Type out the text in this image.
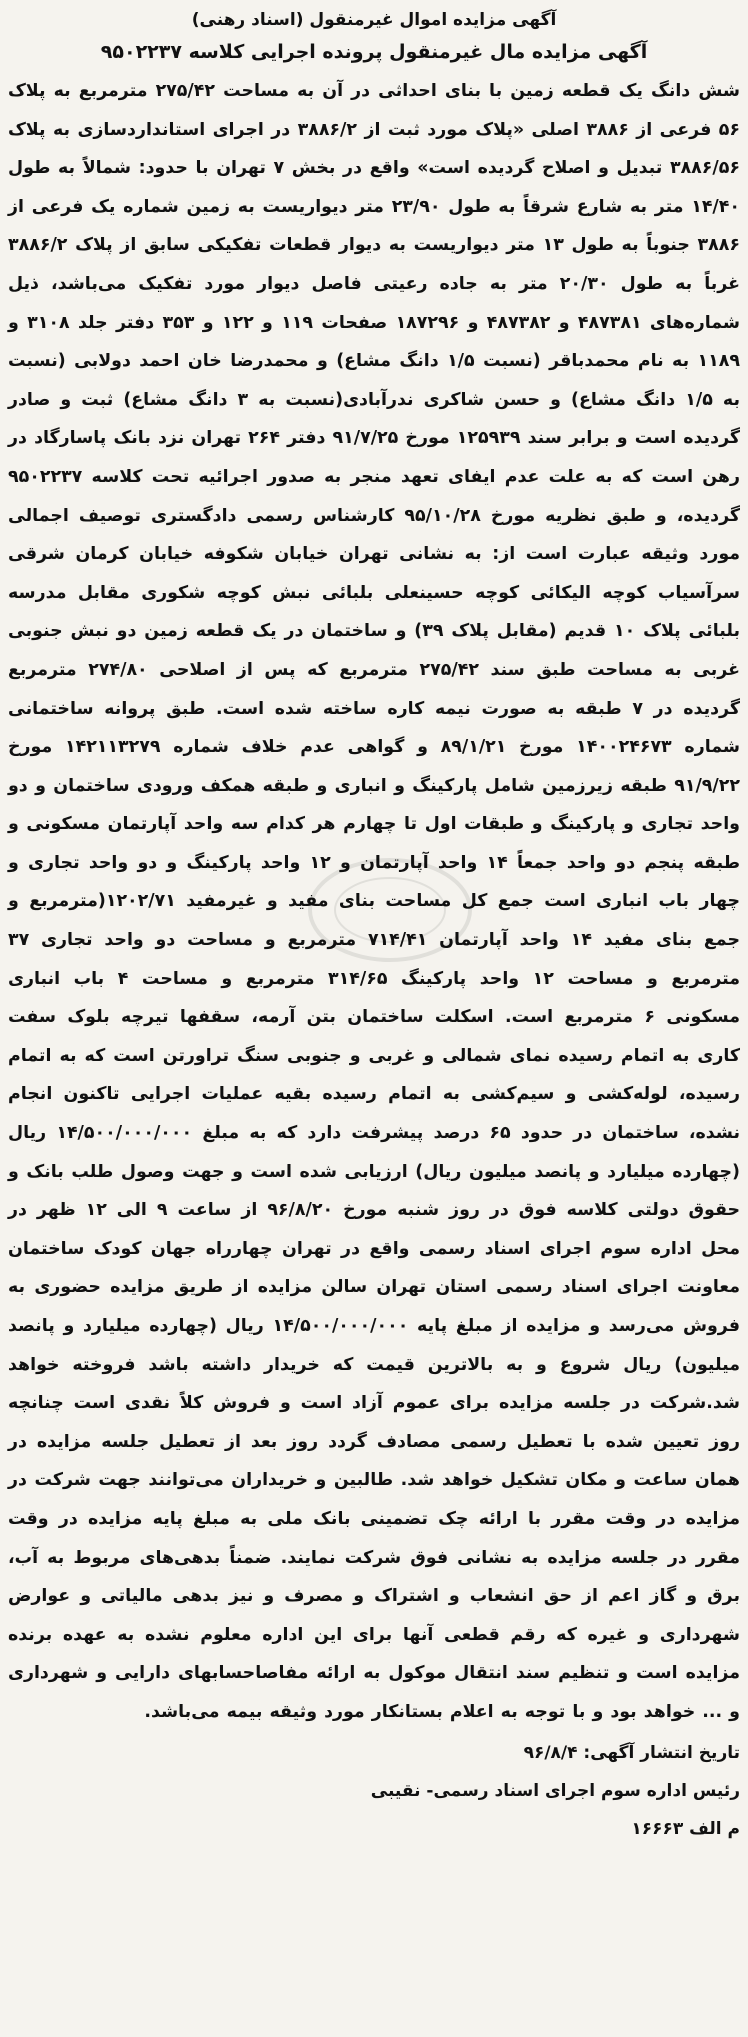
آگهی مزایده اموال غیرمنقول (اسناد رهنی)
آگهی مزایده مال غیرمنقول پرونده اجرایی کلاسه ۹۵۰۲۲۳۷

شش دانگ یک قطعه زمین با بنای احداثی در آن به مساحت ۲۷۵/۴۲ مترمربع به پلاک ۵۶ فرعی از ۳۸۸۶ اصلی «پلاک مورد ثبت از ۳۸۸۶/۲ در اجرای استانداردسازی به پلاک ۳۸۸۶/۵۶ تبدیل و اصلاح گردیده است» واقع در بخش ۷ تهران با حدود: شمالاً به طول ۱۴/۴۰ متر به شارع شرقاً به طول ۲۳/۹۰ متر دیواریست به زمین شماره یک فرعی از ۳۸۸۶ جنوباً به طول ۱۳ متر دیواریست به دیوار قطعات تفکیکی سابق از پلاک ۳۸۸۶/۲ غرباً به طول ۲۰/۳۰ متر به جاده رعیتی فاصل دیوار مورد تفکیک می‌باشد، ذیل شماره‌های ۴۸۷۳۸۱ و ۴۸۷۳۸۲ و ۱۸۷۲۹۶ صفحات ۱۱۹ و ۱۲۲ و ۳۵۳ دفتر جلد ۳۱۰۸ و ۱۱۸۹ به نام محمدباقر (نسبت ۱/۵ دانگ مشاع) و محمدرضا خان احمد دولابی (نسبت به ۱/۵ دانگ مشاع) و حسن شاکری ندرآبادی(نسبت به ۳ دانگ مشاع) ثبت و صادر گردیده است و برابر سند ۱۲۵۹۳۹ مورخ ۹۱/۷/۲۵ دفتر ۲۶۴ تهران نزد بانک پاسارگاد در رهن است که به علت عدم ایفای تعهد منجر به صدور اجرائیه تحت کلاسه ۹۵۰۲۲۳۷ گردیده، و طبق نظریه مورخ ۹۵/۱۰/۲۸ کارشناس رسمی دادگستری توصیف اجمالی مورد وثیقه عبارت است از: به نشانی تهران خیابان شکوفه خیابان کرمان شرقی سرآسیاب کوچه الیکائی کوچه حسینعلی بلبائی نبش کوچه شکوری مقابل مدرسه بلبائی پلاک ۱۰ قدیم (مقابل پلاک ۳۹) و ساختمان در یک قطعه زمین دو نبش جنوبی غربی به مساحت طبق سند ۲۷۵/۴۲ مترمربع که پس از اصلاحی ۲۷۴/۸۰ مترمربع گردیده در ۷ طبقه به صورت نیمه کاره ساخته شده است. طبق پروانه ساختمانی شماره ۱۴۰۰۲۴۶۷۳ مورخ ۸۹/۱/۲۱ و گواهی عدم خلاف شماره ۱۴۲۱۱۳۲۷۹ مورخ ۹۱/۹/۲۲ طبقه زیرزمین شامل پارکینگ و انباری و طبقه همکف ورودی ساختمان و دو واحد تجاری و پارکینگ و طبقات اول تا چهارم هر کدام سه واحد آپارتمان مسکونی و طبقه پنجم دو واحد جمعاً ۱۴ واحد آپارتمان و ۱۲ واحد پارکینگ و دو واحد تجاری و چهار باب انباری است جمع کل مساحت بنای مفید و غیرمفید ۱۲۰۲/۷۱(مترمربع و جمع بنای مفید ۱۴ واحد آپارتمان ۷۱۴/۴۱ مترمربع و مساحت دو واحد تجاری ۳۷ مترمربع و مساحت ۱۲ واحد پارکینگ ۳۱۴/۶۵ مترمربع و مساحت ۴ باب انباری مسکونی ۶ مترمربع است. اسکلت ساختمان بتن آرمه، سقفها تیرچه بلوک سفت کاری به اتمام رسیده نمای شمالی و غربی و جنوبی سنگ تراورتن است که به اتمام رسیده، لوله‌کشی و سیم‌کشی به اتمام رسیده بقیه عملیات اجرایی تاکنون انجام نشده، ساختمان در حدود ۶۵ درصد پیشرفت دارد که به مبلغ ۱۴/۵۰۰/۰۰۰/۰۰۰ ریال (چهارده میلیارد و پانصد میلیون ریال) ارزیابی شده است و جهت وصول طلب بانک و حقوق دولتی کلاسه فوق در روز شنبه مورخ ۹۶/۸/۲۰ از ساعت ۹ الی ۱۲ ظهر در محل اداره سوم اجرای اسناد رسمی واقع در تهران چهارراه جهان کودک ساختمان معاونت اجرای اسناد رسمی استان تهران سالن مزایده از طریق مزایده حضوری به فروش می‌رسد و مزایده از مبلغ پایه ۱۴/۵۰۰/۰۰۰/۰۰۰ ریال (چهارده میلیارد و پانصد میلیون) ریال شروع و به بالاترین قیمت که خریدار داشته باشد فروخته خواهد شد.شرکت در جلسه مزایده برای عموم آزاد است و فروش کلاً نقدی است چنانچه روز تعیین شده با تعطیل رسمی مصادف گردد روز بعد از تعطیل جلسه مزایده در همان ساعت و مکان تشکیل خواهد شد. طالبین و خریداران می‌توانند جهت شرکت در مزایده در وقت مقرر با ارائه چک تضمینی بانک ملی به مبلغ پایه مزایده در وقت مقرر در جلسه مزایده به نشانی فوق شرکت نمایند. ضمناً بدهی‌های مربوط به آب، برق و گاز اعم از حق انشعاب و اشتراک و مصرف و نیز بدهی مالیاتی و عوارض شهرداری و غیره که رقم قطعی آنها برای این اداره معلوم نشده به عهده برنده مزایده است و تنظیم سند انتقال موکول به ارائه مفاصاحسابهای دارایی و شهرداری و ... خواهد بود و با توجه به اعلام بستانکار مورد وثیقه بیمه می‌باشد.

تاریخ انتشار آگهی: ۹۶/۸/۴
رئیس اداره سوم اجرای اسناد رسمی- نقیبی
م الف ۱۶۶۶۳
